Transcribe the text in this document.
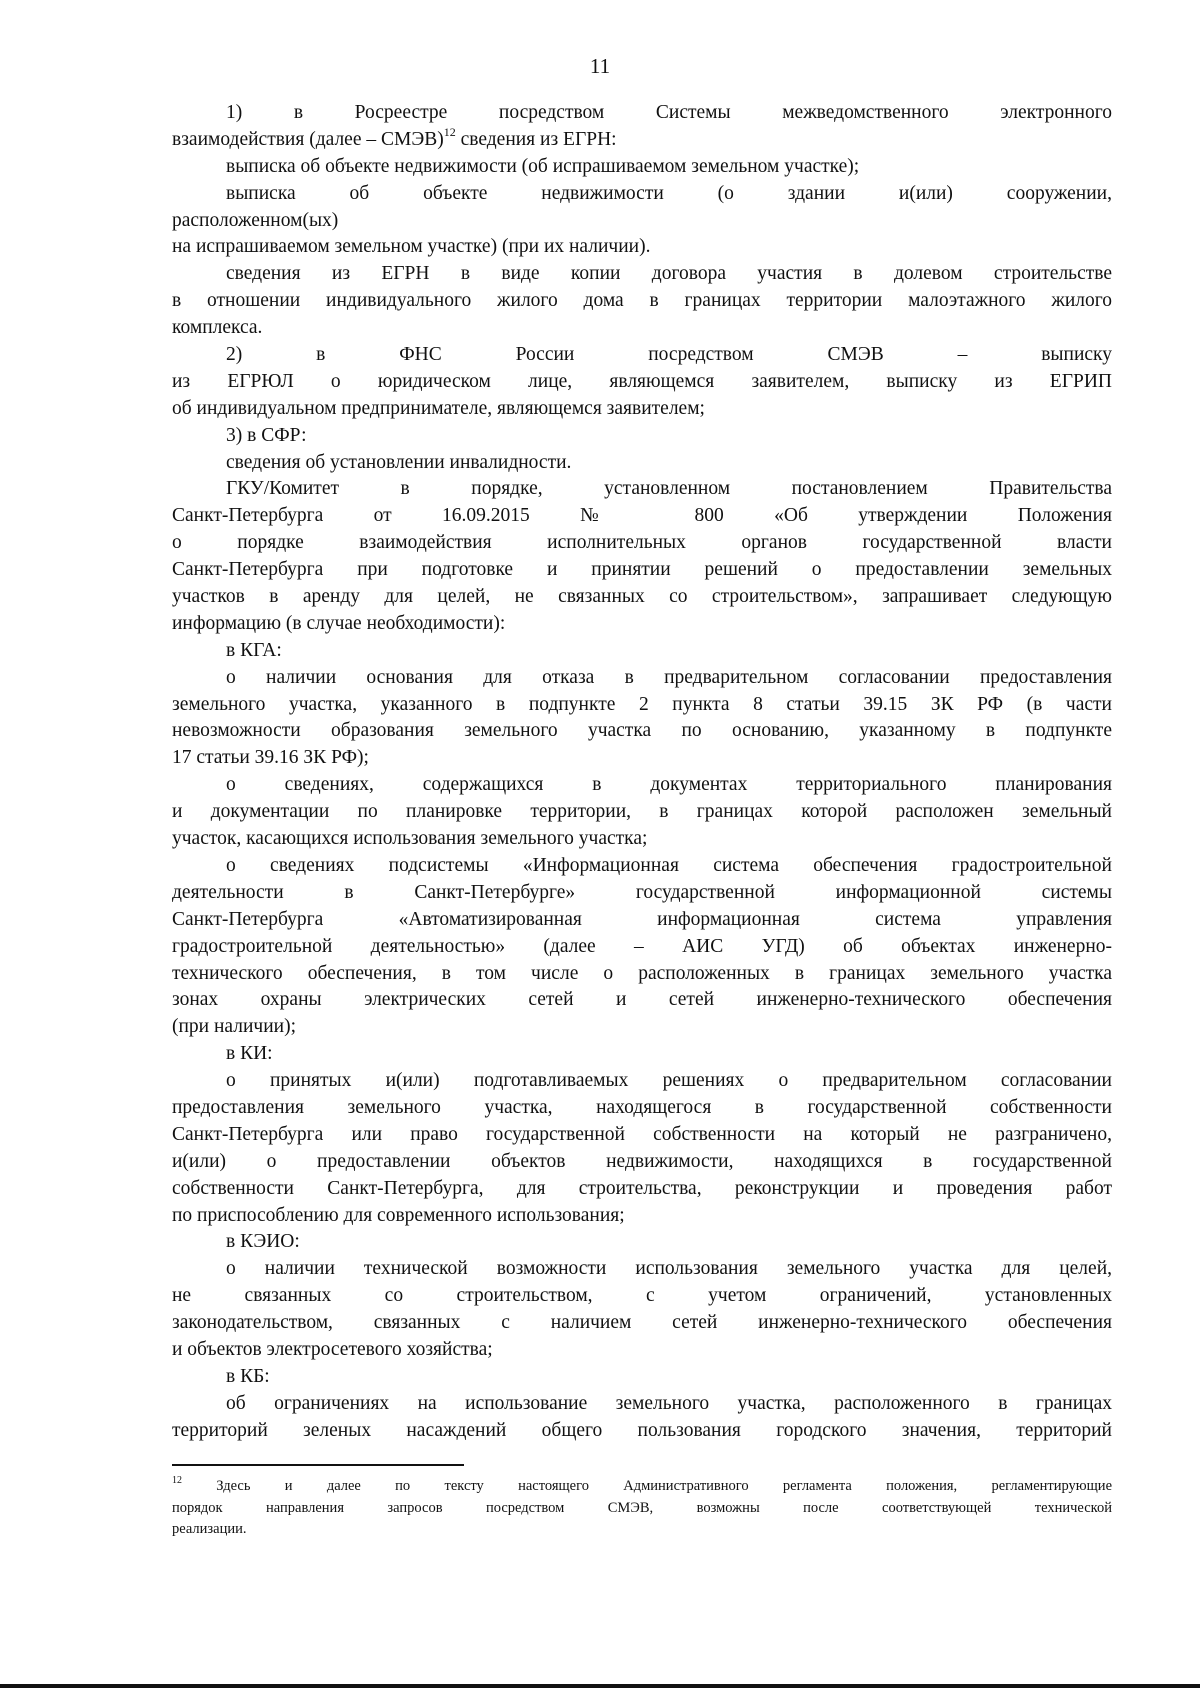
11
1) в Росреестре посредством Системы межведомственного электронного
взаимодействия (далее – СМЭВ)$^{12}$ сведения из ЕГРН:
выписка об объекте недвижимости (об испрашиваемом земельном участке);
выписка об объекте недвижимости (о здании и(или) сооружении,
расположенном(ых)
на испрашиваемом земельном участке) (при их наличии).
сведения из ЕГРН в виде копии договора участия в долевом строительстве
в отношении индивидуального жилого дома в границах территории малоэтажного жилого
комплекса.
2) в ФНС России посредством СМЭВ – выписку
из ЕГРЮЛ о юридическом лице, являющемся заявителем, выписку из ЕГРИП
об индивидуальном предпринимателе, являющемся заявителем;
3) в СФР:
сведения об установлении инвалидности.
ГКУ/Комитет в порядке, установленном постановлением Правительства
Санкт-Петербурга от 16.09.2015 № 800 «Об утверждении Положения
о порядке взаимодействия исполнительных органов государственной власти
Санкт-Петербурга при подготовке и принятии решений о предоставлении земельных
участков в аренду для целей, не связанных со строительством», запрашивает следующую
информацию (в случае необходимости):
в КГА:
о наличии основания для отказа в предварительном согласовании предоставления
земельного участка, указанного в подпункте 2 пункта 8 статьи 39.15 ЗК РФ (в части
невозможности образования земельного участка по основанию, указанному в подпункте
17 статьи 39.16 ЗК РФ);
о сведениях, содержащихся в документах территориального планирования
и документации по планировке территории, в границах которой расположен земельный
участок, касающихся использования земельного участка;
о сведениях подсистемы «Информационная система обеспечения градостроительной
деятельности в Санкт-Петербурге» государственной информационной системы
Санкт-Петербурга «Автоматизированная информационная система управления
градостроительной деятельностью» (далее – АИС УГД) об объектах инженерно-
технического обеспечения, в том числе о расположенных в границах земельного участка
зонах охраны электрических сетей и сетей инженерно-технического обеспечения
(при наличии);
в КИ:
о принятых и(или) подготавливаемых решениях о предварительном согласовании
предоставления земельного участка, находящегося в государственной собственности
Санкт-Петербурга или право государственной собственности на который не разграничено,
и(или) о предоставлении объектов недвижимости, находящихся в государственной
собственности Санкт-Петербурга, для строительства, реконструкции и проведения работ
по приспособлению для современного использования;
в КЭИО:
о наличии технической возможности использования земельного участка для целей,
не связанных со строительством, с учетом ограничений, установленных
законодательством, связанных с наличием сетей инженерно-технического обеспечения
и объектов электросетевого хозяйства;
в КБ:
об ограничениях на использование земельного участка, расположенного в границах
территорий зеленых насаждений общего пользования городского значения, территорий
$^{12}$ Здесь и далее по тексту настоящего Административного регламента положения, регламентирующие
порядок направления запросов посредством СМЭВ, возможны после соответствующей технической
реализации.
